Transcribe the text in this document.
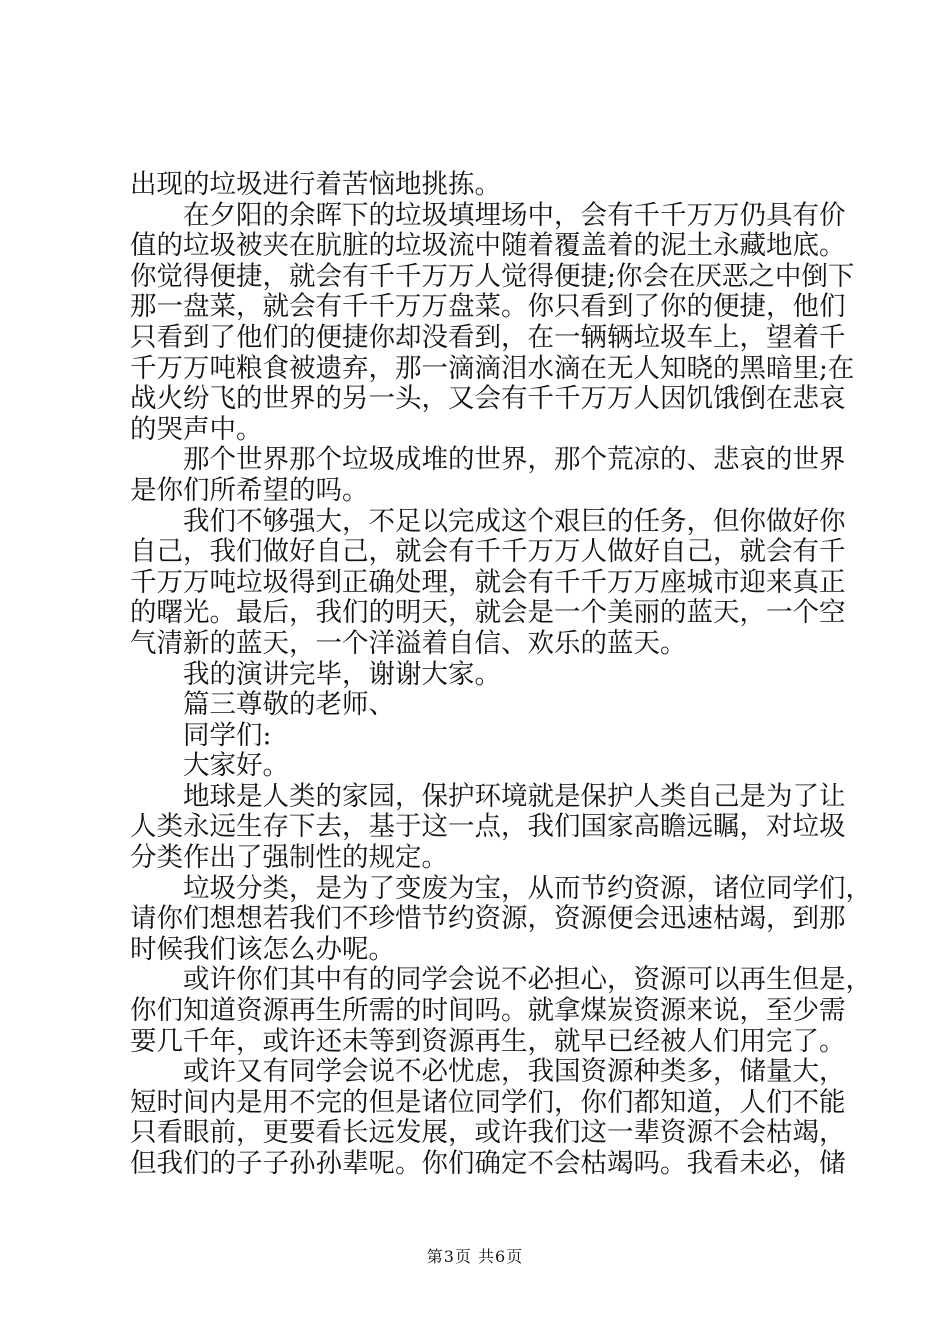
出现的垃圾进行着苦恼地挑拣。
在夕阳的余晖下的垃圾填埋场中，会有千千万万仍具有价
值的垃圾被夹在肮脏的垃圾流中随着覆盖着的泥土永藏地底。
你觉得便捷，就会有千千万万人觉得便捷;你会在厌恶之中倒下
那一盘菜，就会有千千万万盘菜。你只看到了你的便捷，他们
只看到了他们的便捷你却没看到，在一辆辆垃圾车上，望着千
千万万吨粮食被遗弃，那一滴滴泪水滴在无人知晓的黑暗里;在
战火纷飞的世界的另一头，又会有千千万万人因饥饿倒在悲哀
的哭声中。
那个世界那个垃圾成堆的世界，那个荒凉的、悲哀的世界
是你们所希望的吗。
我们不够强大，不足以完成这个艰巨的任务，但你做好你
自己，我们做好自己，就会有千千万万人做好自己，就会有千
千万万吨垃圾得到正确处理，就会有千千万万座城市迎来真正
的曙光。最后，我们的明天，就会是一个美丽的蓝天，一个空
气清新的蓝天，一个洋溢着自信、欢乐的蓝天。
我的演讲完毕，谢谢大家。
篇三尊敬的老师、
同学们:
大家好。
地球是人类的家园，保护环境就是保护人类自己是为了让
人类永远生存下去，基于这一点，我们国家高瞻远瞩，对垃圾
分类作出了强制性的规定。
垃圾分类，是为了变废为宝，从而节约资源，诸位同学们，
请你们想想若我们不珍惜节约资源，资源便会迅速枯竭，到那
时候我们该怎么办呢。
或许你们其中有的同学会说不必担心，资源可以再生但是，
你们知道资源再生所需的时间吗。就拿煤炭资源来说，至少需
要几千年，或许还未等到资源再生，就早已经被人们用完了。
或许又有同学会说不必忧虑，我国资源种类多，储量大，
短时间内是用不完的但是诸位同学们，你们都知道，人们不能
只看眼前，更要看长远发展，或许我们这一辈资源不会枯竭，
但我们的子子孙孙辈呢。你们确定不会枯竭吗。我看未必，储
第3页 共6页
